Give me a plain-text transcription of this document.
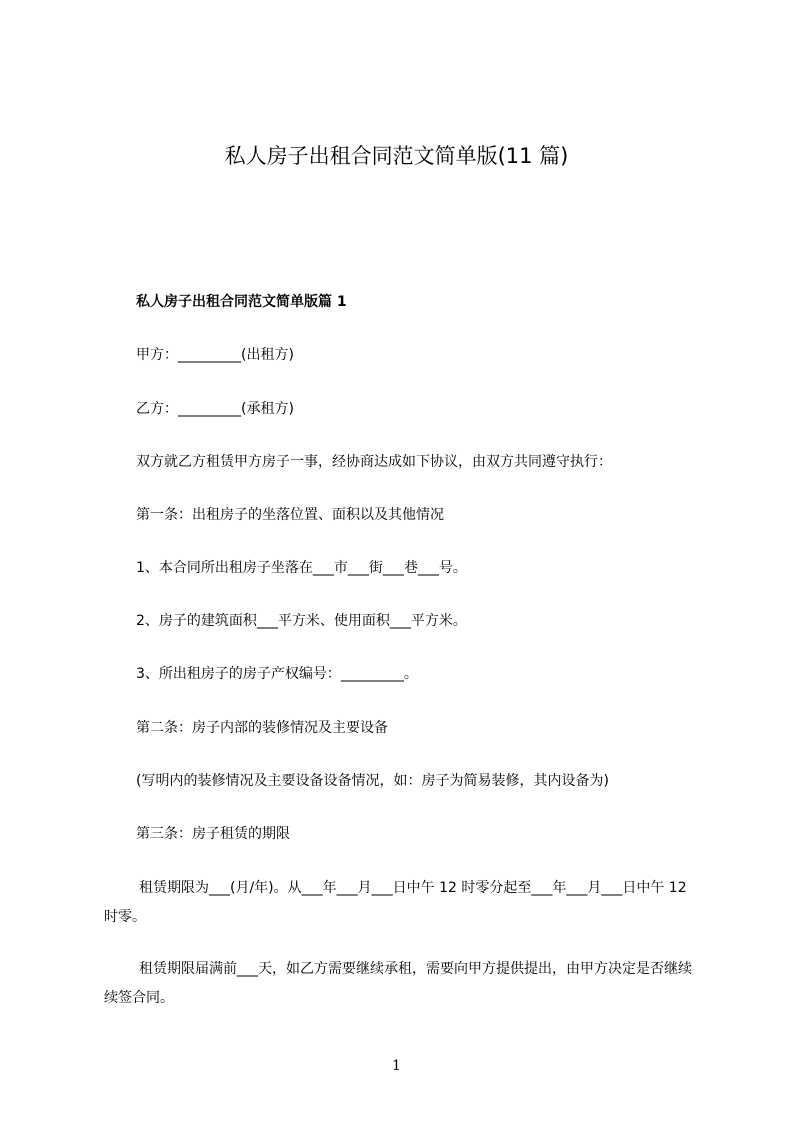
私人房子出租合同范文简单版(11 篇)

私人房子出租合同范文简单版篇 1

甲方：_________(出租方)

乙方：_________(承租方)

双方就乙方租赁甲方房子一事，经协商达成如下协议，由双方共同遵守执行：

第一条：出租房子的坐落位置、面积以及其他情况

1、本合同所出租房子坐落在___市___街___巷___号。

2、房子的建筑面积___平方米、使用面积___平方米。

3、所出租房子的房子产权编号：_________。

第二条：房子内部的装修情况及主要设备

(写明内的装修情况及主要设备设备情况，如：房子为简易装修，其内设备为)

第三条：房子租赁的期限

租赁期限为___(月/年)。从___年___月___日中午 12 时零分起至___年___月___日中午 12 时零。

租赁期限届满前___天，如乙方需要继续承租，需要向甲方提供提出，由甲方决定是否继续续签合同。

1
